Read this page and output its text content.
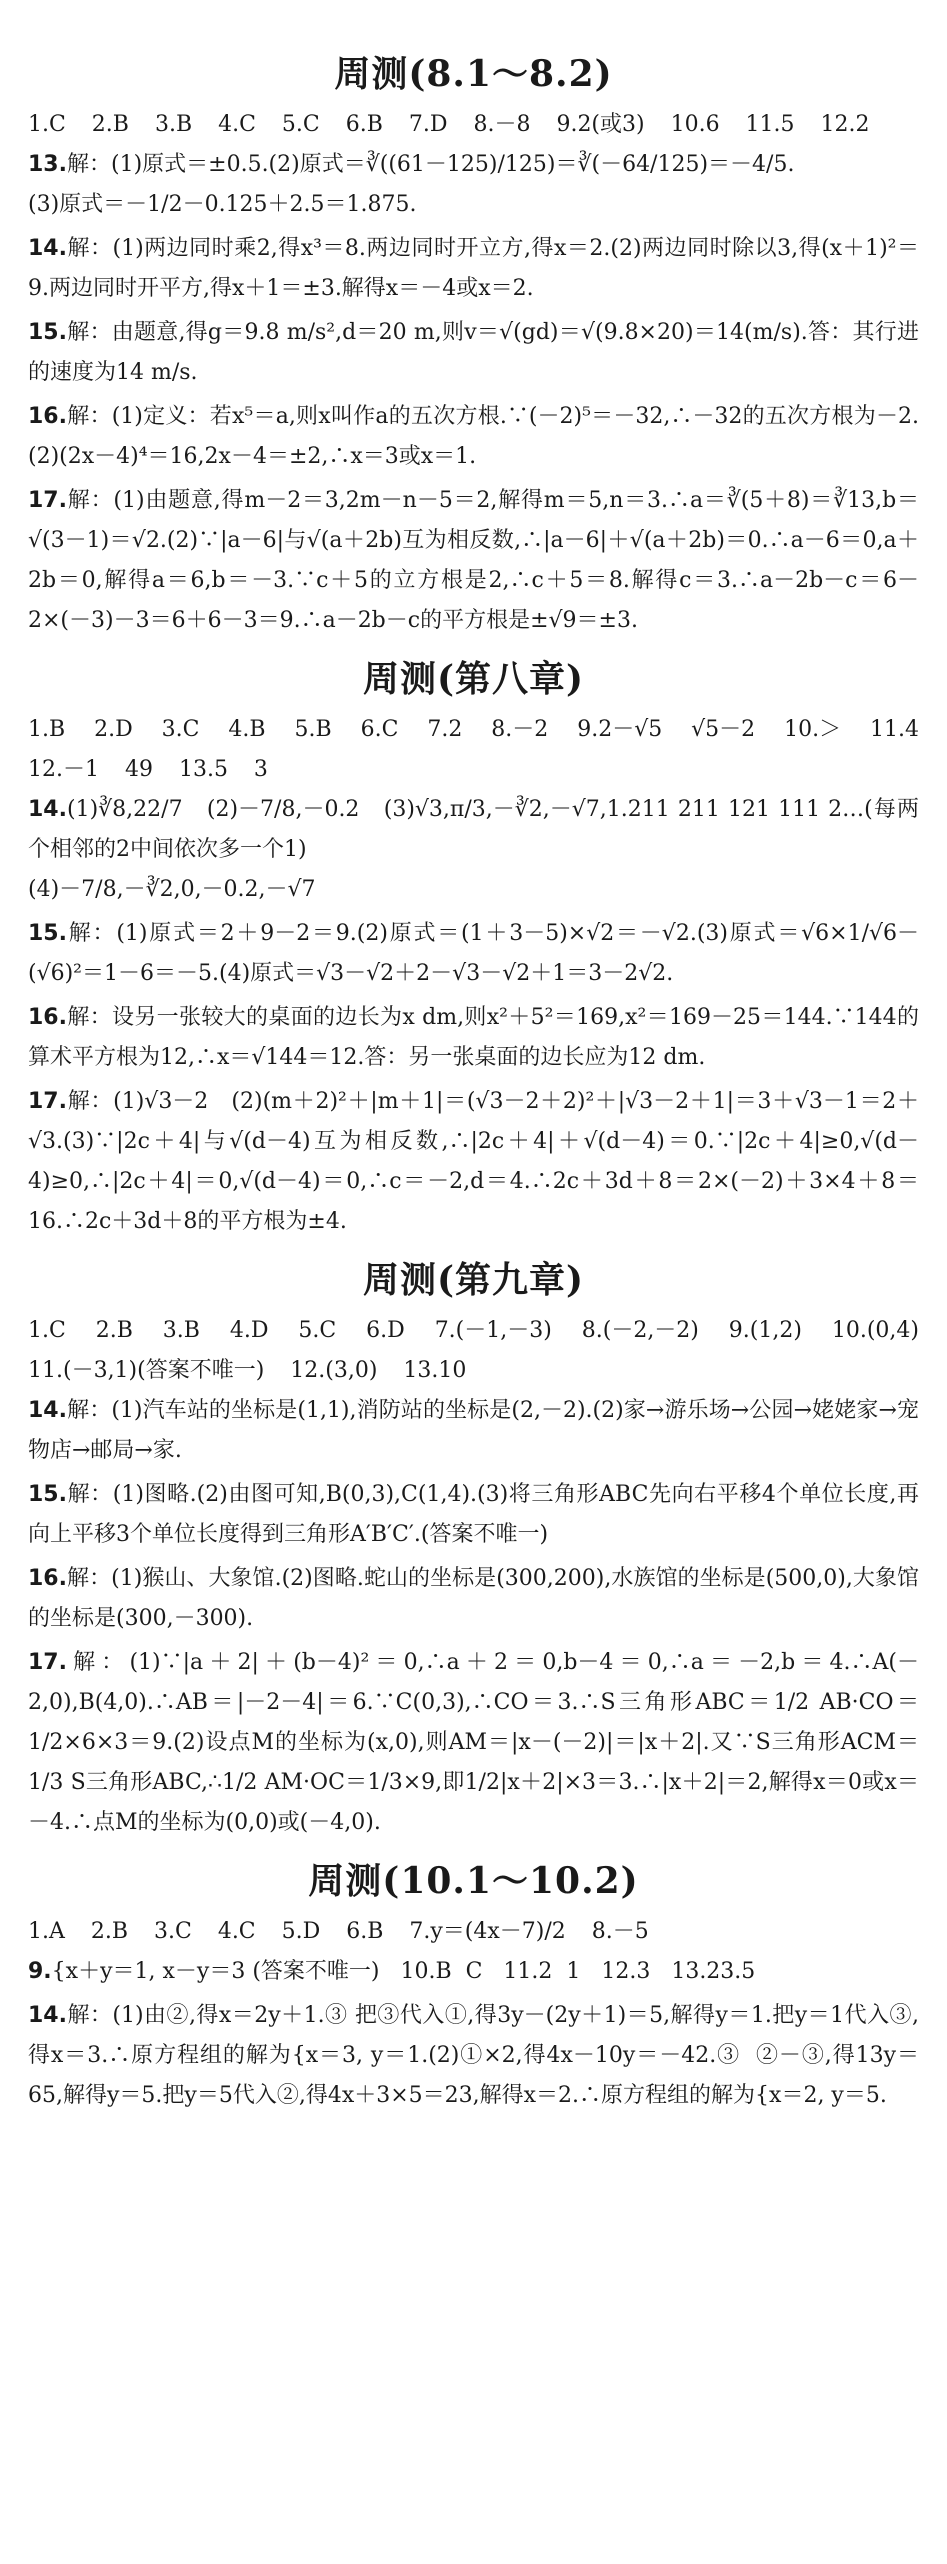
周测(8.1～8.2)
1.C  2.B  3.B  4.C  5.C  6.B  7.D  8.－8  9.2(或3)  10.6  11.5  12.2
13.解：(1)原式＝±0.5.(2)原式＝∛((61－125)/125)＝∛(－64/125)＝－4/5.
(3)原式＝－1/2－0.125＋2.5＝1.875.
14.解：(1)两边同时乘2,得x³＝8.两边同时开立方,得x＝2.(2)两边同时除以3,得(x＋1)²＝9.两边同时开平方,得x＋1＝±3.解得x＝－4或x＝2.
15.解：由题意,得g＝9.8 m/s²,d＝20 m,则v＝√(gd)＝√(9.8×20)＝14(m/s).答：其行进的速度为14 m/s.
16.解：(1)定义：若x⁵＝a,则x叫作a的五次方根.∵(－2)⁵＝－32,∴－32的五次方根为－2.(2)(2x－4)⁴＝16,2x－4＝±2,∴x＝3或x＝1.
17.解：(1)由题意,得m－2＝3,2m－n－5＝2,解得m＝5,n＝3.∴a＝∛(5＋8)＝∛13,b＝√(3－1)＝√2.(2)∵|a－6|与√(a＋2b)互为相反数,∴|a－6|＋√(a＋2b)＝0.∴a－6＝0,a＋2b＝0,解得a＝6,b＝－3.∵c＋5的立方根是2,∴c＋5＝8.解得c＝3.∴a－2b－c＝6－2×(－3)－3＝6＋6－3＝9.∴a－2b－c的平方根是±√9＝±3.
周测(第八章)
1.B  2.D  3.C  4.B  5.B  6.C  7.2  8.－2  9.2－√5  √5－2  10.＞  11.4  12.－1  49  13.5  3
14.(1)∛8,22/7   (2)－7/8,－0.2   (3)√3,π/3,－∛2,－√7,1.211 211 121 111 2…(每两个相邻的2中间依次多一个1)
(4)－7/8,－∛2,0,－0.2,－√7
15.解：(1)原式＝2＋9－2＝9.(2)原式＝(1＋3－5)×√2＝－√2.(3)原式＝√6×1/√6－(√6)²＝1－6＝－5.(4)原式＝√3－√2＋2－√3－√2＋1＝3－2√2.
16.解：设另一张较大的桌面的边长为x dm,则x²＋5²＝169,x²＝169－25＝144.∵144的算术平方根为12,∴x＝√144＝12.答：另一张桌面的边长应为12 dm.
17.解：(1)√3－2   (2)(m＋2)²＋|m＋1|＝(√3－2＋2)²＋|√3－2＋1|＝3＋√3－1＝2＋√3.(3)∵|2c＋4|与√(d－4)互为相反数,∴|2c＋4|＋√(d－4)＝0.∵|2c＋4|≥0,√(d－4)≥0,∴|2c＋4|＝0,√(d－4)＝0,∴c＝－2,d＝4.∴2c＋3d＋8＝2×(－2)＋3×4＋8＝16.∴2c＋3d＋8的平方根为±4.
周测(第九章)
1.C  2.B  3.B  4.D  5.C  6.D  7.(－1,－3)  8.(－2,－2)  9.(1,2)  10.(0,4)  11.(－3,1)(答案不唯一)  12.(3,0)  13.10
14.解：(1)汽车站的坐标是(1,1),消防站的坐标是(2,－2).(2)家→游乐场→公园→姥姥家→宠物店→邮局→家.
15.解：(1)图略.(2)由图可知,B(0,3),C(1,4).(3)将三角形ABC先向右平移4个单位长度,再向上平移3个单位长度得到三角形A′B′C′.(答案不唯一)
16.解：(1)猴山、大象馆.(2)图略.蛇山的坐标是(300,200),水族馆的坐标是(500,0),大象馆的坐标是(300,－300).
17.解：(1)∵|a＋2|＋(b－4)²＝0,∴a＋2＝0,b－4＝0,∴a＝－2,b＝4.∴A(－2,0),B(4,0).∴AB＝|－2－4|＝6.∵C(0,3),∴CO＝3.∴S三角形ABC＝1/2 AB·CO＝1/2×6×3＝9.(2)设点M的坐标为(x,0),则AM＝|x－(－2)|＝|x＋2|.又∵S三角形ACM＝1/3 S三角形ABC,∴1/2 AM·OC＝1/3×9,即1/2|x＋2|×3＝3.∴|x＋2|＝2,解得x＝0或x＝－4.∴点M的坐标为(0,0)或(－4,0).
周测(10.1～10.2)
1.A  2.B  3.C  4.C  5.D  6.B  7.y＝(4x－7)/2  8.－5
9.{x＋y＝1, x－y＝3 (答案不唯一)   10.B  C   11.2  1   12.3   13.23.5
14.解：(1)由②,得x＝2y＋1.③ 把③代入①,得3y－(2y＋1)＝5,解得y＝1.把y＝1代入③,得x＝3.∴原方程组的解为{x＝3, y＝1.(2)①×2,得4x－10y＝－42.③  ②－③,得13y＝65,解得y＝5.把y＝5代入②,得4x＋3×5＝23,解得x＝2.∴原方程组的解为{x＝2, y＝5.
